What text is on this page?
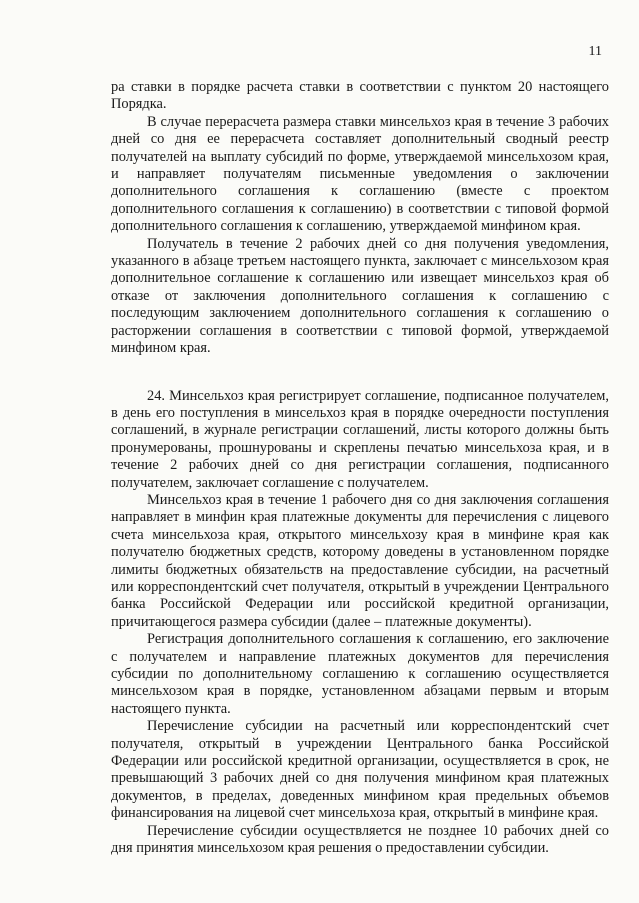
11

ра ставки в порядке расчета ставки в соответствии с пунктом 20 настоящего Порядка.

В случае перерасчета размера ставки минсельхоз края в течение 3 рабочих дней со дня ее перерасчета составляет дополнительный сводный реестр получателей на выплату субсидий по форме, утверждаемой минсельхозом края, и направляет получателям письменные уведомления о заключении дополнительного соглашения к соглашению (вместе с проектом дополнительного соглашения к соглашению) в соответствии с типовой формой дополнительного соглашения к соглашению, утверждаемой минфином края.

Получатель в течение 2 рабочих дней со дня получения уведомления, указанного в абзаце третьем настоящего пункта, заключает с минсельхозом края дополнительное соглашение к соглашению или извещает минсельхоз края об отказе от заключения дополнительного соглашения к соглашению с последующим заключением дополнительного соглашения к соглашению о расторжении соглашения в соответствии с типовой формой, утверждаемой минфином края.

24. Минсельхоз края регистрирует соглашение, подписанное получателем, в день его поступления в минсельхоз края в порядке очередности поступления соглашений, в журнале регистрации соглашений, листы которого должны быть пронумерованы, прошнурованы и скреплены печатью минсельхоза края, и в течение 2 рабочих дней со дня регистрации соглашения, подписанного получателем, заключает соглашение с получателем.

Минсельхоз края в течение 1 рабочего дня со дня заключения соглашения направляет в минфин края платежные документы для перечисления с лицевого счета минсельхоза края, открытого минсельхозу края в минфине края как получателю бюджетных средств, которому доведены в установленном порядке лимиты бюджетных обязательств на предоставление субсидии, на расчетный или корреспондентский счет получателя, открытый в учреждении Центрального банка Российской Федерации или российской кредитной организации, причитающегося размера субсидии (далее – платежные документы).

Регистрация дополнительного соглашения к соглашению, его заключение с получателем и направление платежных документов для перечисления субсидии по дополнительному соглашению к соглашению осуществляется минсельхозом края в порядке, установленном абзацами первым и вторым настоящего пункта.

Перечисление субсидии на расчетный или корреспондентский счет получателя, открытый в учреждении Центрального банка Российской Федерации или российской кредитной организации, осуществляется в срок, не превышающий 3 рабочих дней со дня получения минфином края платежных документов, в пределах, доведенных минфином края предельных объемов финансирования на лицевой счет минсельхоза края, открытый в минфине края.

Перечисление субсидии осуществляется не позднее 10 рабочих дней со дня принятия минсельхозом края решения о предоставлении субсидии.
